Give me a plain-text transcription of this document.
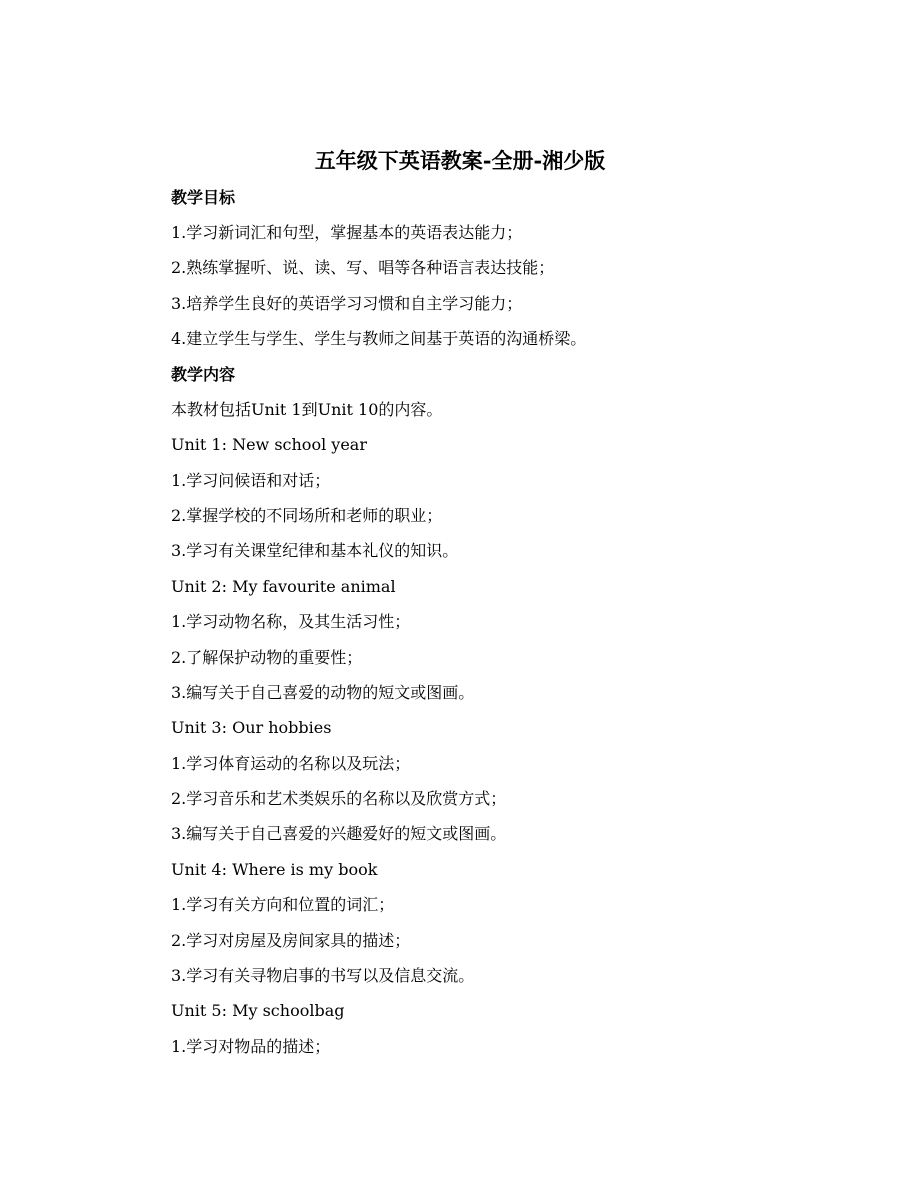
五年级下英语教案-全册-湘少版
教学目标
1.学习新词汇和句型，掌握基本的英语表达能力；
2.熟练掌握听、说、读、写、唱等各种语言表达技能；
3.培养学生良好的英语学习习惯和自主学习能力；
4.建立学生与学生、学生与教师之间基于英语的沟通桥梁。
教学内容
本教材包括Unit 1到Unit 10的内容。
Unit 1: New school year
1.学习问候语和对话；
2.掌握学校的不同场所和老师的职业；
3.学习有关课堂纪律和基本礼仪的知识。
Unit 2: My favourite animal
1.学习动物名称，及其生活习性；
2.了解保护动物的重要性；
3.编写关于自己喜爱的动物的短文或图画。
Unit 3: Our hobbies
1.学习体育运动的名称以及玩法；
2.学习音乐和艺术类娱乐的名称以及欣赏方式；
3.编写关于自己喜爱的兴趣爱好的短文或图画。
Unit 4: Where is my book
1.学习有关方向和位置的词汇；
2.学习对房屋及房间家具的描述；
3.学习有关寻物启事的书写以及信息交流。
Unit 5: My schoolbag
1.学习对物品的描述；
